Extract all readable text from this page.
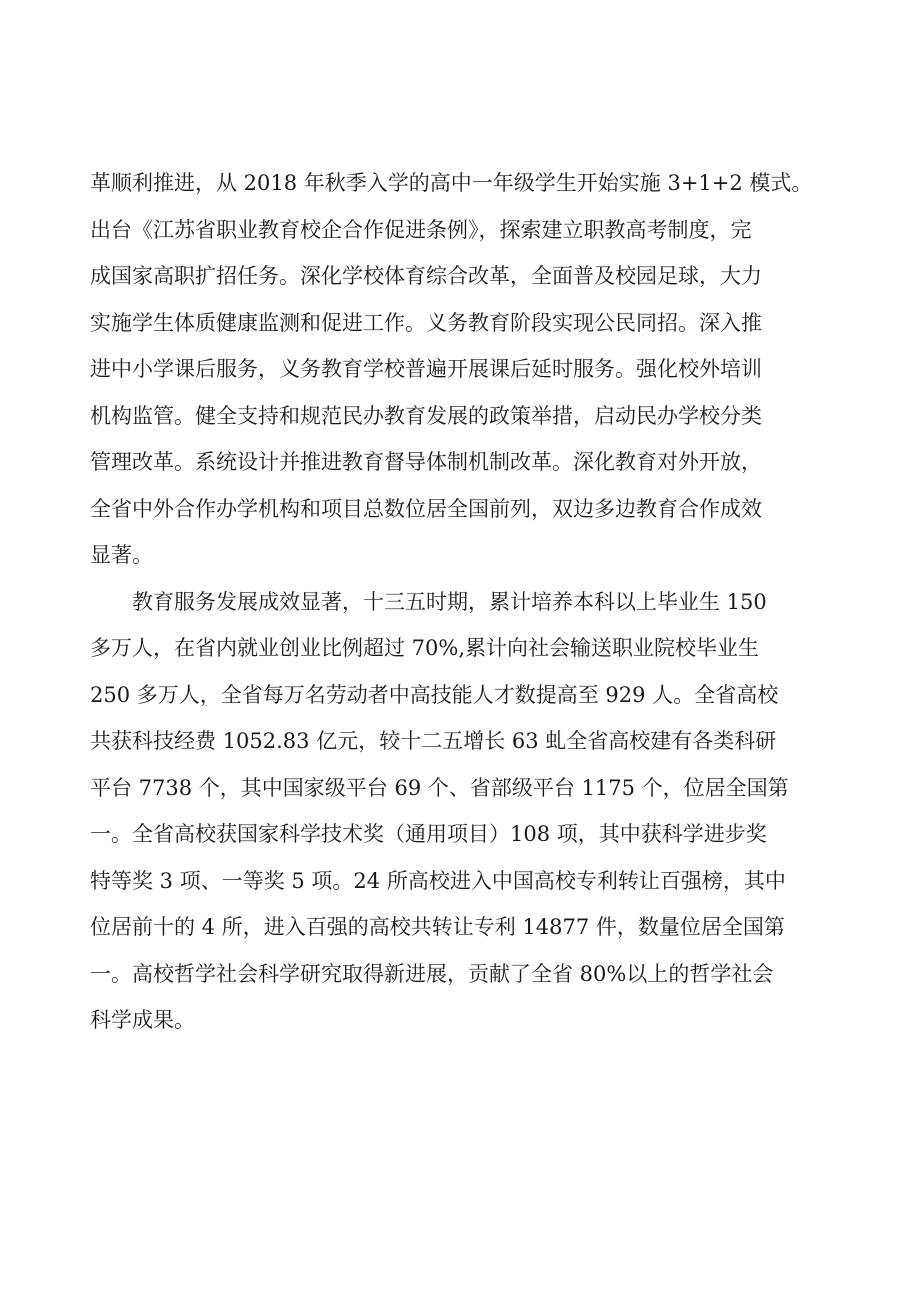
革顺利推进，从 2018 年秋季入学的高中一年级学生开始实施 3+1+2 模式。
出台《江苏省职业教育校企合作促进条例》，探索建立职教高考制度，完
成国家高职扩招任务。深化学校体育综合改革，全面普及校园足球，大力
实施学生体质健康监测和促进工作。义务教育阶段实现公民同招。深入推
进中小学课后服务，义务教育学校普遍开展课后延时服务。强化校外培训
机构监管。健全支持和规范民办教育发展的政策举措，启动民办学校分类
管理改革。系统设计并推进教育督导体制机制改革。深化教育对外开放，
全省中外合作办学机构和项目总数位居全国前列，双边多边教育合作成效
显著。
教育服务发展成效显著，十三五时期，累计培养本科以上毕业生 150
多万人，在省内就业创业比例超过 70%,累计向社会输送职业院校毕业生
250 多万人，全省每万名劳动者中高技能人才数提高至 929 人。全省高校
共获科技经费 1052.83 亿元，较十二五增长 63 虬全省高校建有各类科研
平台 7738 个，其中国家级平台 69 个、省部级平台 1175 个，位居全国第
一。全省高校获国家科学技术奖（通用项目）108 项，其中获科学进步奖
特等奖 3 项、一等奖 5 项。24 所高校进入中国高校专利转让百强榜，其中
位居前十的 4 所，进入百强的高校共转让专利 14877 件，数量位居全国第
一。高校哲学社会科学研究取得新进展，贡献了全省 80%以上的哲学社会
科学成果。
